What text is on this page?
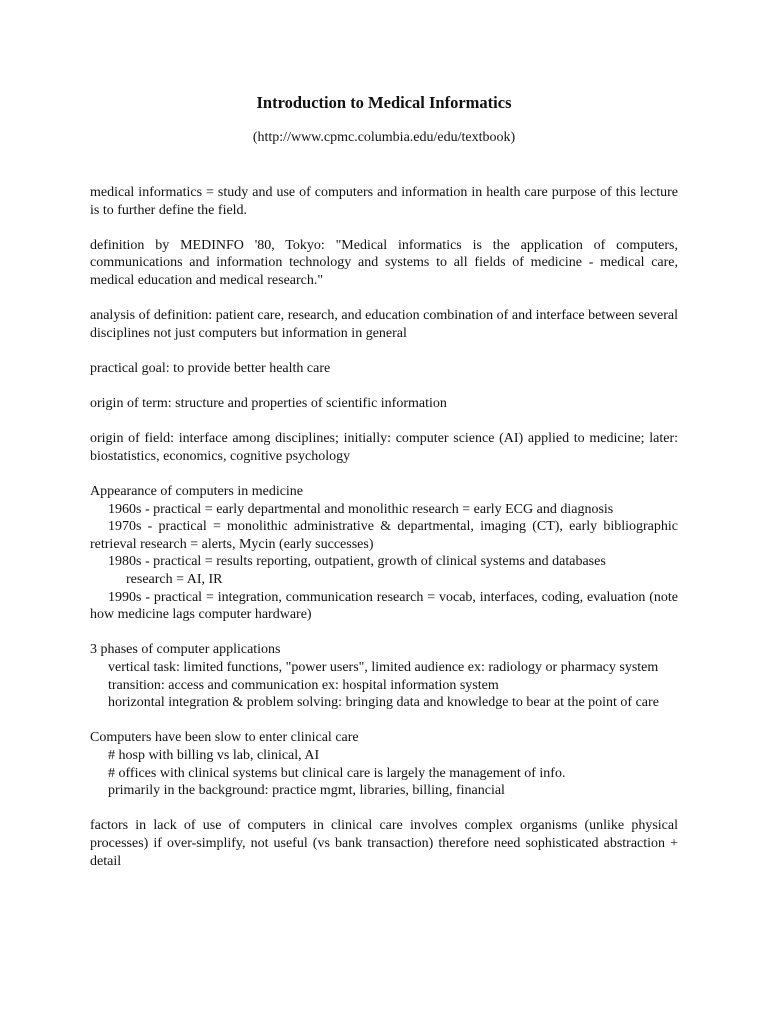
Introduction to Medical Informatics

(http://www.cpmc.columbia.edu/edu/textbook)

medical informatics = study and use of computers and information in health care purpose of this lecture is to further define the field.

definition by MEDINFO '80, Tokyo: "Medical informatics is the application of computers, communications and information technology and systems to all fields of medicine - medical care, medical education and medical research."

analysis of definition: patient care, research, and education combination of and interface between several disciplines not just computers but information in general

practical goal: to provide better health care

origin of term: structure and properties of scientific information

origin of field: interface among disciplines; initially: computer science (AI) applied to medicine; later: biostatistics, economics, cognitive psychology

Appearance of computers in medicine
1960s - practical = early departmental and monolithic research = early ECG and diagnosis
1970s - practical = monolithic administrative & departmental, imaging (CT), early bibliographic retrieval research = alerts, Mycin (early successes)
1980s - practical = results reporting, outpatient, growth of clinical systems and databases
research = AI, IR
1990s - practical = integration, communication research = vocab, interfaces, coding, evaluation (note how medicine lags computer hardware)
3 phases of computer applications
vertical task: limited functions, "power users", limited audience ex: radiology or pharmacy system
transition: access and communication ex: hospital information system
horizontal integration & problem solving: bringing data and knowledge to bear at the point of care
Computers have been slow to enter clinical care
# hosp with billing vs lab, clinical, AI
# offices with clinical systems but clinical care is largely the management of info.
primarily in the background: practice mgmt, libraries, billing, financial

factors in lack of use of computers in clinical care involves complex organisms (unlike physical processes) if over-simplify, not useful (vs bank transaction) therefore need sophisticated abstraction + detail
